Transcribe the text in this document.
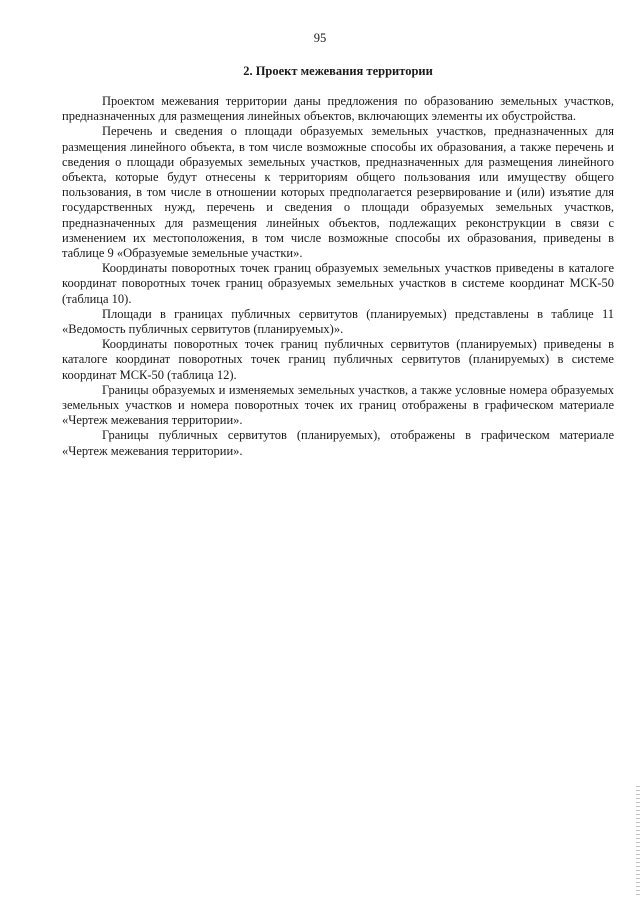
95
2. Проект межевания территории

Проектом межевания территории даны предложения по образованию земельных участков, предназначенных для размещения линейных объектов, включающих элементы их обустройства.

Перечень и сведения о площади образуемых земельных участков, предназначенных для размещения линейного объекта, в том числе возможные способы их образования, а также перечень и сведения о площади образуемых земельных участков, предназначенных для размещения линейного объекта, которые будут отнесены к территориям общего пользования или имуществу общего пользования, в том числе в отношении которых предполагается резервирование и (или) изъятие для государственных нужд, перечень и сведения о площади образуемых земельных участков, предназначенных для размещения линейных объектов, подлежащих реконструкции в связи с изменением их местоположения, в том числе возможные способы их образования, приведены в таблице 9 «Образуемые земельные участки».

Координаты поворотных точек границ образуемых земельных участков приведены в каталоге координат поворотных точек границ образуемых земельных участков в системе координат МСК-50 (таблица 10).

Площади в границах публичных сервитутов (планируемых) представлены в таблице 11 «Ведомость публичных сервитутов (планируемых)».

Координаты поворотных точек границ публичных сервитутов (планируемых) приведены в каталоге координат поворотных точек границ публичных сервитутов (планируемых) в системе координат МСК-50 (таблица 12).

Границы образуемых и изменяемых земельных участков, а также условные номера образуемых земельных участков и номера поворотных точек их границ отображены в графическом материале «Чертеж межевания территории».

Границы публичных сервитутов (планируемых), отображены в графическом материале «Чертеж межевания территории».
